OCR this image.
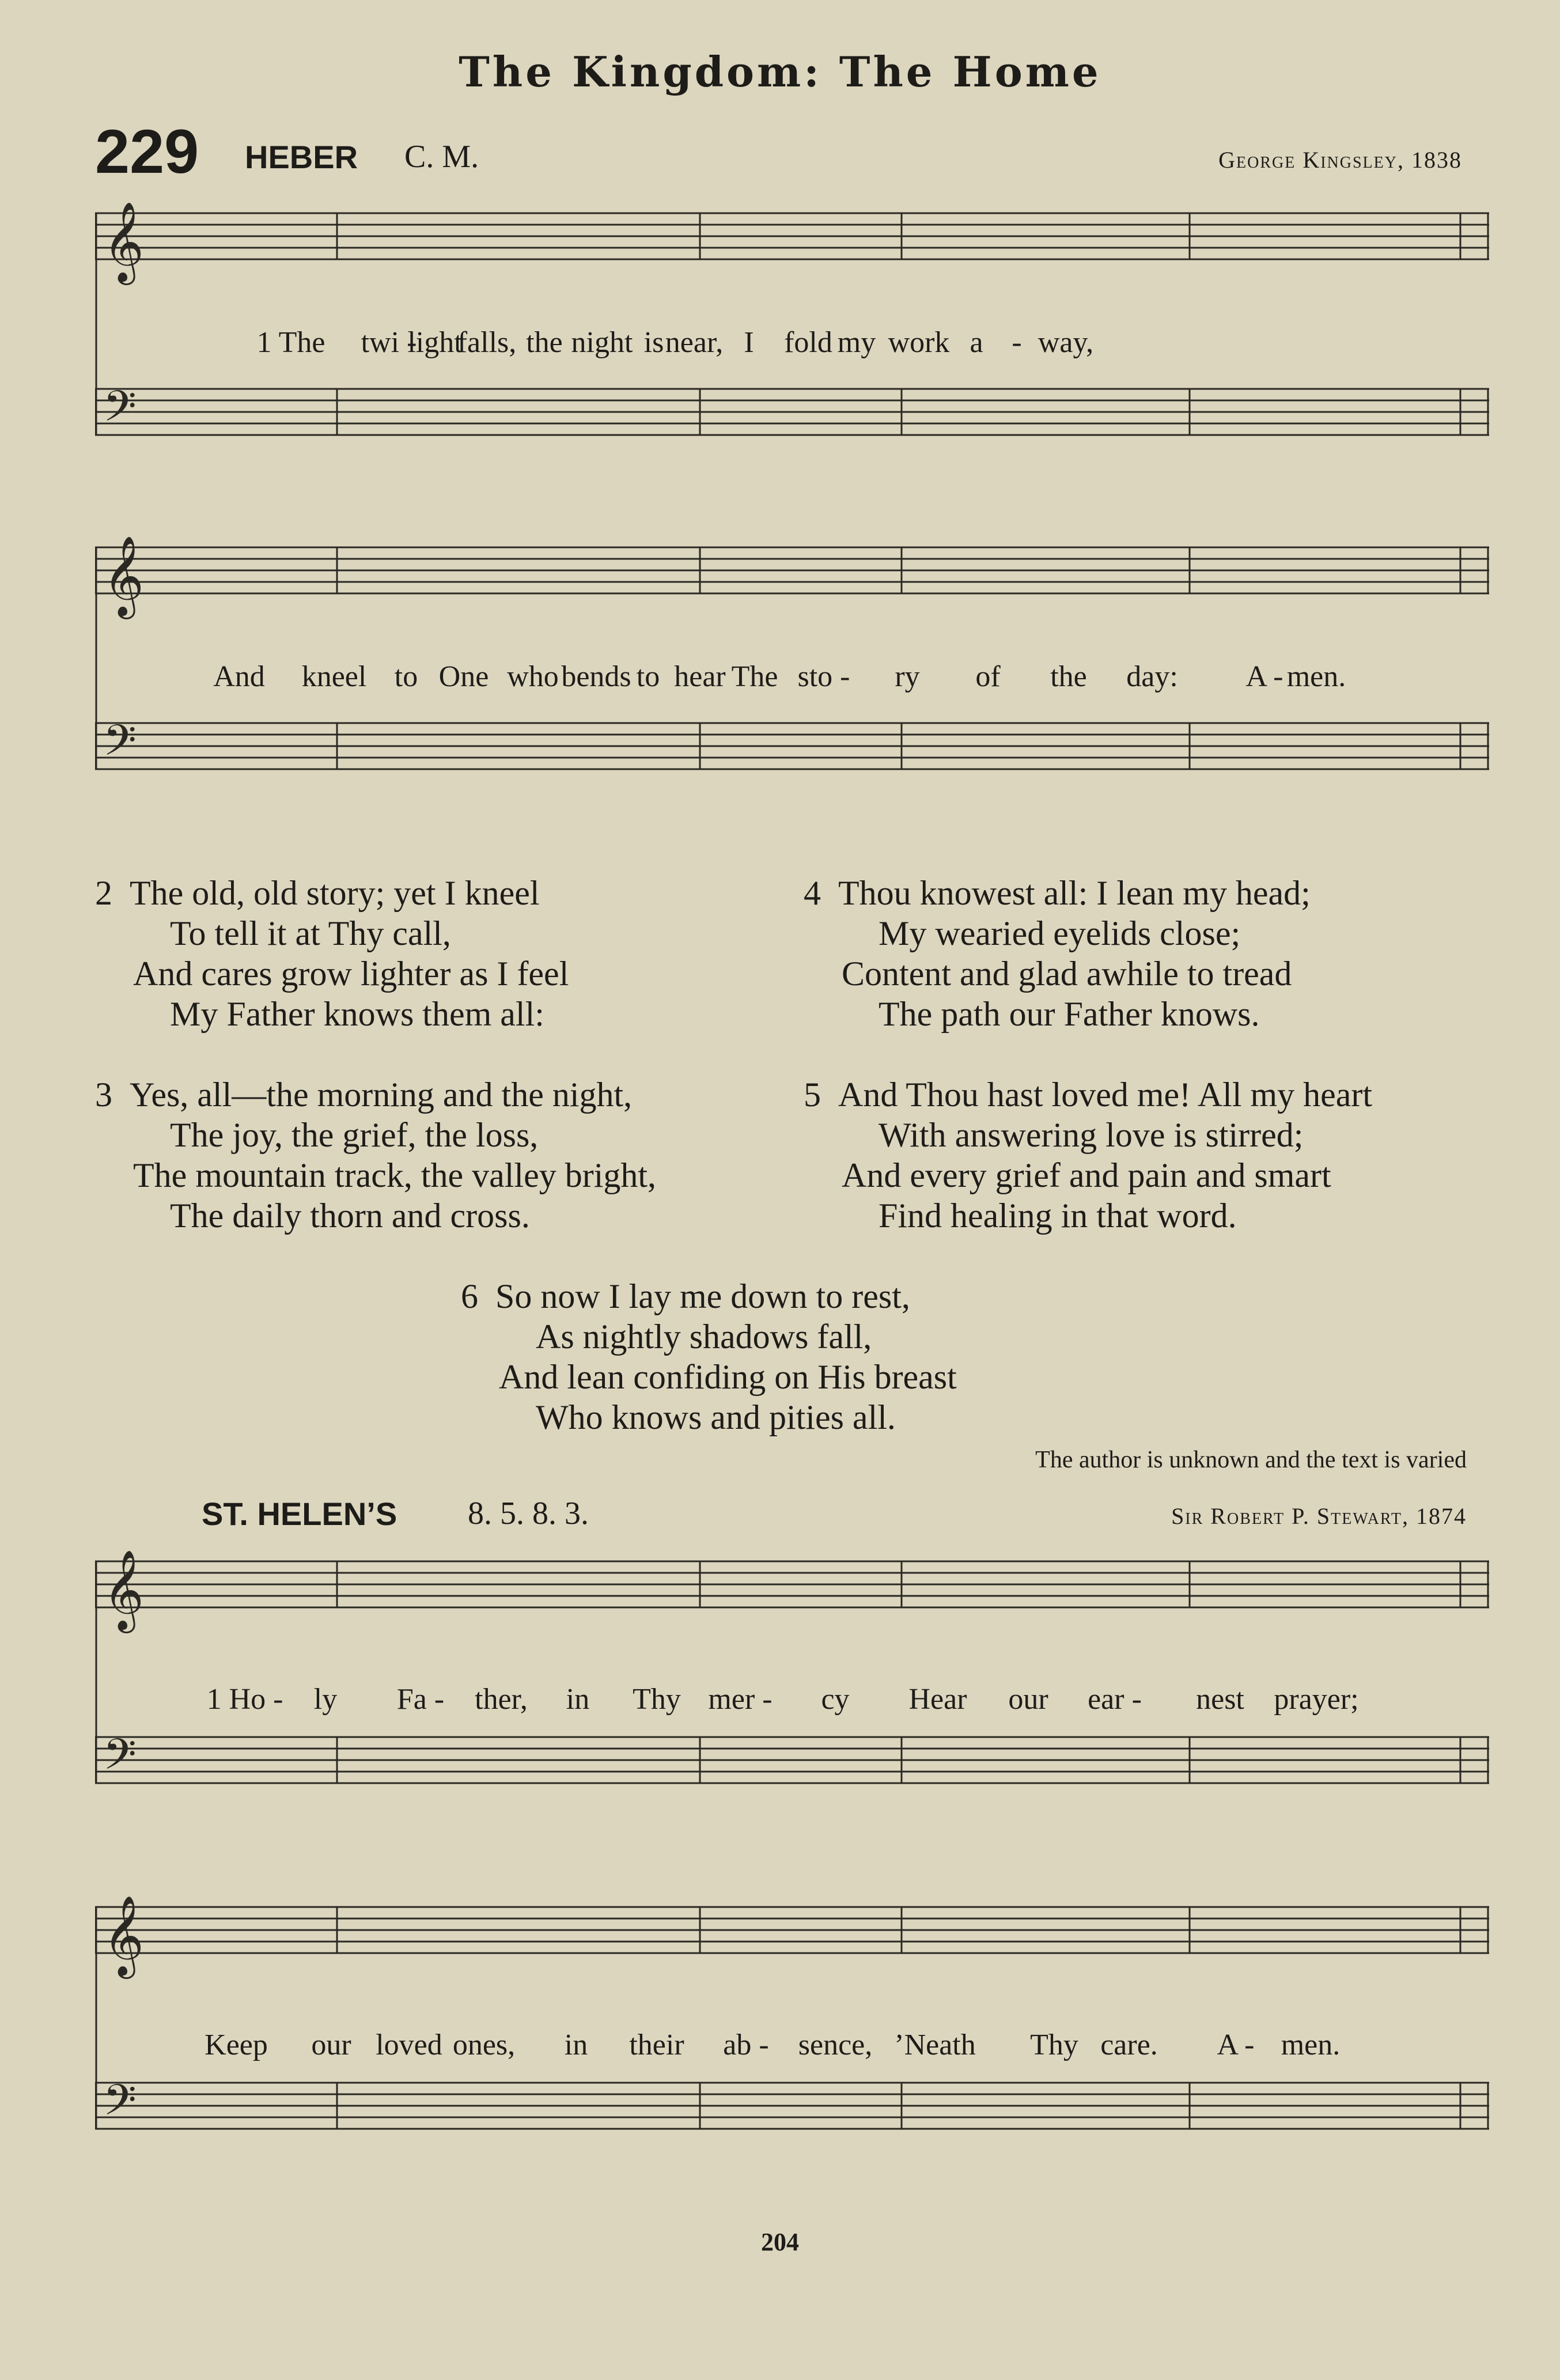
The Kingdom: The Home
229 HEBER C. M.	George Kingsley, 1838
𝄞
𝄢
1 The twi -
light
falls, the night is near, I fold my work a - way,
𝄞
𝄢
And kneel to One who bends to hear The sto - ry of the day: A - men.
2 The old, old story; yet I kneel
To tell it at Thy call,
And cares grow lighter as I feel
My Father knows them all:
3 Yes, all—the morning and the night,
The joy, the grief, the loss,
The mountain track, the valley bright,
The daily thorn and cross.
4 Thou knowest all: I lean my head;
My wearied eyelids close;
Content and glad awhile to tread
The path our Father knows.
5 And Thou hast loved me! All my heart
With answering love is stirred;
And every grief and pain and smart
Find healing in that word.
6 So now I lay me down to rest,
As nightly shadows fall,
And lean confiding on His breast
Who knows and pities all.
The author is unknown and the text is varied
ST. HELEN’S 8. 5. 8. 3.	Sir Robert P. Stewart, 1874
𝄞
𝄢
1 Ho - ly Fa - ther, in Thy mer - cy Hear our ear - nest prayer;
𝄞
𝄢
Keep our loved ones, in their ab - sence, ’Neath Thy care. A - men.
204
